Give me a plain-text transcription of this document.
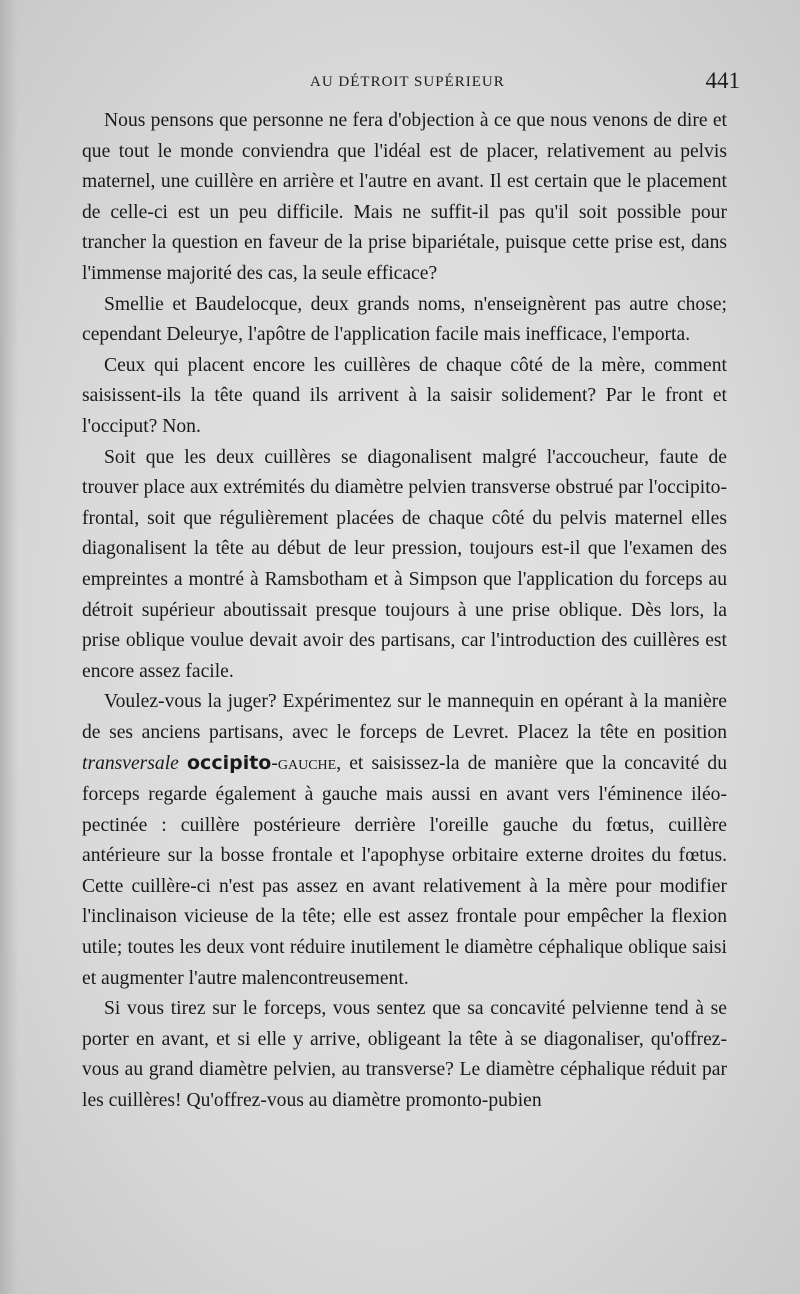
AU DÉTROIT SUPÉRIEUR	441

Nous pensons que personne ne fera d'objection à ce que nous venons de dire et que tout le monde conviendra que l'idéal est de placer, relativement au pelvis maternel, une cuillère en arrière et l'autre en avant. Il est certain que le placement de celle-ci est un peu difficile. Mais ne suffit-il pas qu'il soit possible pour trancher la question en faveur de la prise bipariétale, puisque cette prise est, dans l'immense majorité des cas, la seule efficace?

Smellie et Baudelocque, deux grands noms, n'enseignèrent pas autre chose; cependant Deleurye, l'apôtre de l'application facile mais inefficace, l'emporta.

Ceux qui placent encore les cuillères de chaque côté de la mère, comment saisissent-ils la tête quand ils arrivent à la saisir solidement? Par le front et l'occiput? Non.

Soit que les deux cuillères se diagonalisent malgré l'accoucheur, faute de trouver place aux extrémités du diamètre pelvien transverse obstrué par l'occipito-frontal, soit que régulièrement placées de chaque côté du pelvis maternel elles diagonalisent la tête au début de leur pression, toujours est-il que l'examen des empreintes a montré à Ramsbotham et à Simpson que l'application du forceps au détroit supérieur aboutissait presque toujours à une prise oblique. Dès lors, la prise oblique voulue devait avoir des partisans, car l'introduction des cuillères est encore assez facile.

Voulez-vous la juger? Expérimentez sur le mannequin en opérant à la manière de ses anciens partisans, avec le forceps de Levret. Placez la tête en position transversale occipito-gauche, et saisissez-la de manière que la concavité du forceps regarde également à gauche mais aussi en avant vers l'éminence iléo-pectinée : cuillère postérieure derrière l'oreille gauche du fœtus, cuillère antérieure sur la bosse frontale et l'apophyse orbitaire externe droites du fœtus. Cette cuillère-ci n'est pas assez en avant relativement à la mère pour modifier l'inclinaison vicieuse de la tête; elle est assez frontale pour empêcher la flexion utile; toutes les deux vont réduire inutilement le diamètre céphalique oblique saisi et augmenter l'autre malencontreusement.

Si vous tirez sur le forceps, vous sentez que sa concavité pelvienne tend à se porter en avant, et si elle y arrive, obligeant la tête à se diagonaliser, qu'offrez-vous au grand diamètre pelvien, au transverse? Le diamètre céphalique réduit par les cuillères! Qu'offrez-vous au diamètre promonto-pubien
